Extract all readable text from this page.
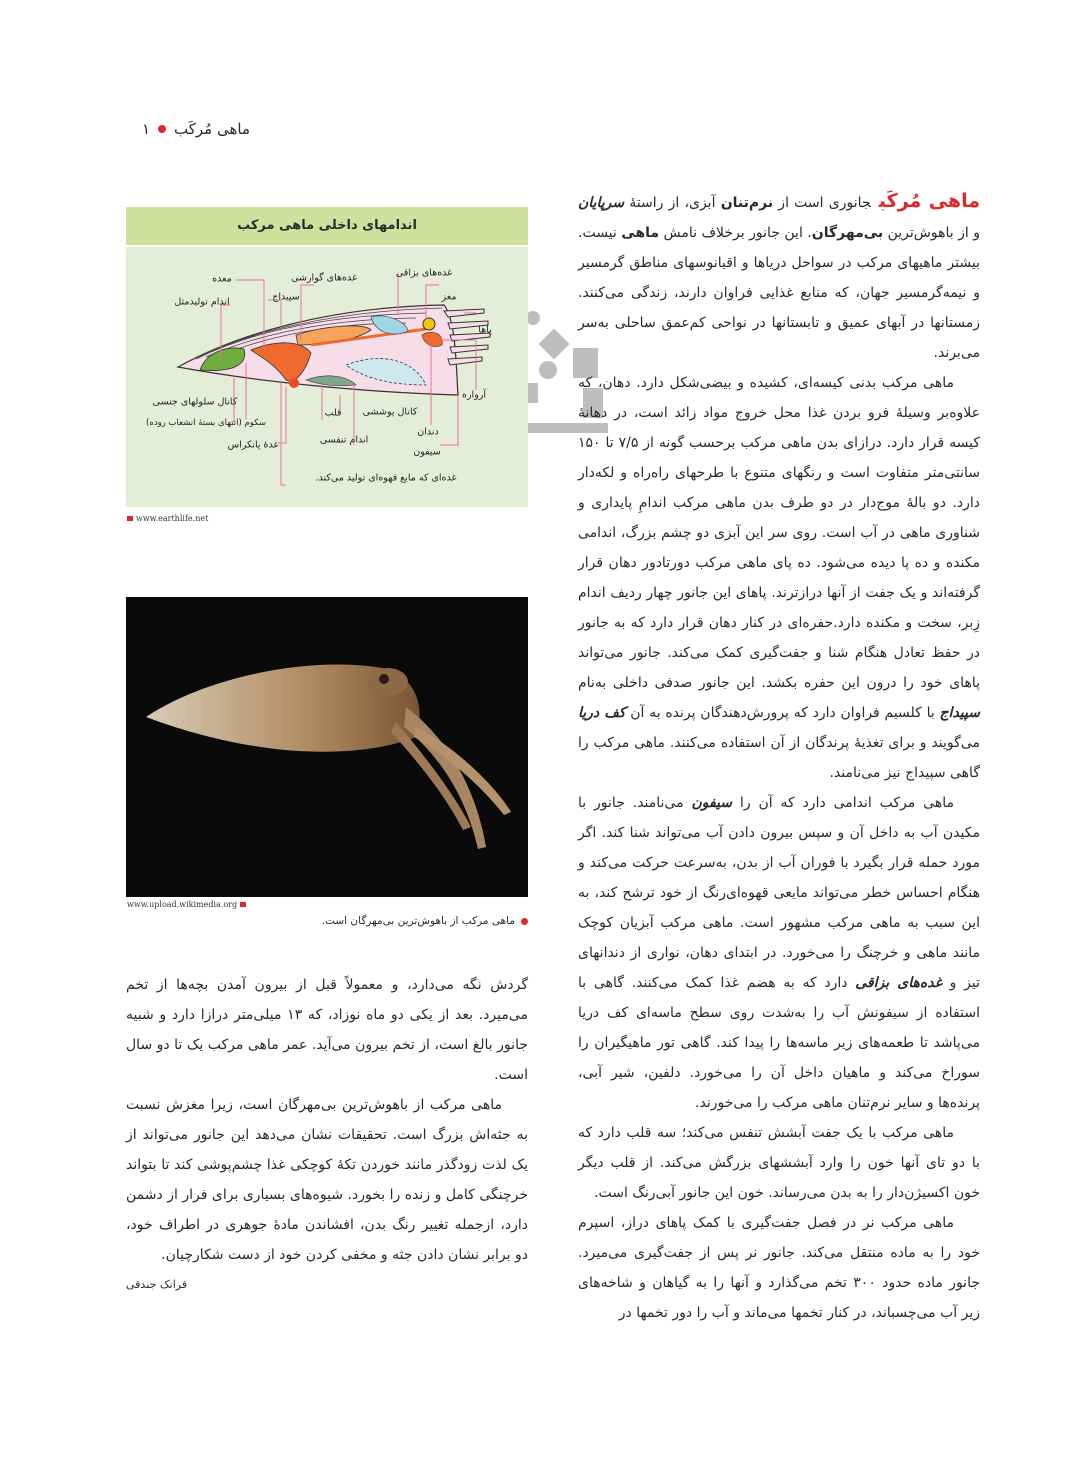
ماهی مُرکَب
۱

ماهی مُرکَبجانوری است از نرم‌تنان آبزی، از راستهٔ سرپایان و از باهوش‌ترین بی‌مهرگان. این جانور برخلاف نامش ماهی نیست. بیشتر ماهیهای مرکب در سواحل دریاها و اقیانوسهای مناطق گرمسیر و نیمه‌گرمسیر جهان، که منابع غذایی فراوان دارند، زندگی می‌کنند. زمستانها در آبهای عمیق و تابستانها در نواحی کم‌عمق ساحلی به‌سر می‌برند.

ماهی مرکب بدنی کیسه‌ای، کشیده و بیضی‌شکل دارد. دهان، که علاوه‌بر وسیلهٔ فرو بردن غذا محل خروج مواد زائد است، در دهانهٔ کیسه قرار دارد. درازای بدن ماهی مرکب برحسب گونه از ۷/۵ تا ۱۵۰ سانتی‌متر متفاوت است و رنگهای متنوع با طرحهای راه‌راه و لکه‌دار دارد. دو بالهٔ موج‌دار در دو طرف بدن ماهی مرکب اندامِ پایداری و شناوری ماهی در آب است. روی سر این آبزی دو چشم بزرگ، اندامی مکنده و ده پا دیده می‌شود. ده پای ماهی مرکب دورتادور دهان قرار گرفته‌اند و یک جفت از آنها درازترند. پاهای این جانور چهار ردیف اندام زِبر، سخت و مکنده دارد.حفره‌ای در کنار دهان قرار دارد که به جانور در حفظ تعادل هنگام شنا و جفت‌گیری کمک می‌کند. جانور می‌تواند پاهای خود را درون این حفره بکشد. این جانور صدفی داخلی به‌نام سپیداج با کلسیم فراوان دارد که پرورش‌دهندگان پرنده به آن کف دریا می‌گویند و برای تغذیهٔ پرندگان از آن استفاده می‌کنند. ماهی مرکب را گاهی سپیداج نیز می‌نامند.

ماهی مرکب اندامی دارد که آن را سیفون می‌نامند. جانور با مکیدن آب به داخل آن و سپس بیرون دادن آب می‌تواند شنا کند. اگر مورد حمله قرار بگیرد با فوران آب از بدن، به‌سرعت حرکت می‌کند و هنگام احساس خطر می‌تواند مایعی قهوه‌ای‌رنگ از خود ترشح کند، به این سبب به ماهی مرکب مشهور است. ماهی مرکب آبزیان کوچک مانند ماهی و خرچنگ را می‌خورد. در ابتدای دهان، نواری از دندانهای تیز و غده‌های بزاقی دارد که به هضم غذا کمک می‌کنند. گاهی با استفاده از سیفونش آب را به‌شدت روی سطح ماسه‌ای کف دریا می‌پاشد تا طعمه‌های زیر ماسه‌ها را پیدا کند. گاهی تور ماهیگیران را سوراخ می‌کند و ماهیان داخل آن را می‌خورد. دلفین، شیر آبی، پرنده‌ها و سایر نرم‌تنان ماهی مرکب را می‌خورند.

ماهی مرکب با یک جفت آبشش تنفس می‌کند؛ سه قلب دارد که با دو تای آنها خون را وارد آبششهای بزرگش می‌کند. از قلب دیگر خون اکسیژن‌دار را به بدن می‌رساند. خون این جانور آبی‌رنگ است.

ماهی مرکب نر در فصل جفت‌گیری با کمک پاهای دراز، اسپرم خود را به ماده منتقل می‌کند. جانور نر پس از جفت‌گیری می‌میرد. جانور ماده حدود ۳۰۰ تخم می‌گذارد و آنها را به گیاهان و شاخه‌های زیر آب می‌چسباند، در کنار تخمها می‌ماند و آب را دور تخمها در

اندامهای داخلی ماهی مرکب
غده‌های بزاقی
مغز
پاها
آرواره
دندان
سیفون
کانال پوششی
اندام تنفسی
قلب
غده‌ای که مایع قهوه‌ای تولید می‌کند.
غدهٔ پانکراس
سکوم (انتهای بستهٔ انشعاب روده)
کانال سلولهای جنسی
اندام تولیدمثل
معده	غده‌های گوارشی
سپیداج
www.earthlife.net
www.upload.wikimedia.org
ماهی مرکب از باهوش‌ترین بی‌مهرگان است.

گردش نگه می‌دارد، و معمولاً قبل از بیرون آمدن بچه‌ها از تخم می‌میرد. بعد از یکی دو ماه نوزاد، که ۱۳ میلی‌متر درازا دارد و شبیه جانور بالغ است، از تخم بیرون می‌آید. عمر ماهی مرکب یک تا دو سال است.

ماهی مرکب از باهوش‌ترین بی‌مهرگان است، زیرا مغزش نسبت به جثه‌اش بزرگ است. تحقیقات نشان می‌دهد این جانور می‌تواند از یک لذت زودگذر مانند خوردن تکهٔ کوچکی غذا چشم‌پوشی کند تا بتواند خرچنگی کامل و زنده را بخورد. شیوه‌های بسیاری برای فرار از دشمن دارد، ازجمله تغییر رنگ بدن، افشاندن مادهٔ جوهری در اطراف خود، دو برابر نشان دادن جثه و مخفی کردن خود از دست شکارچیان.

فرانک جندقی
